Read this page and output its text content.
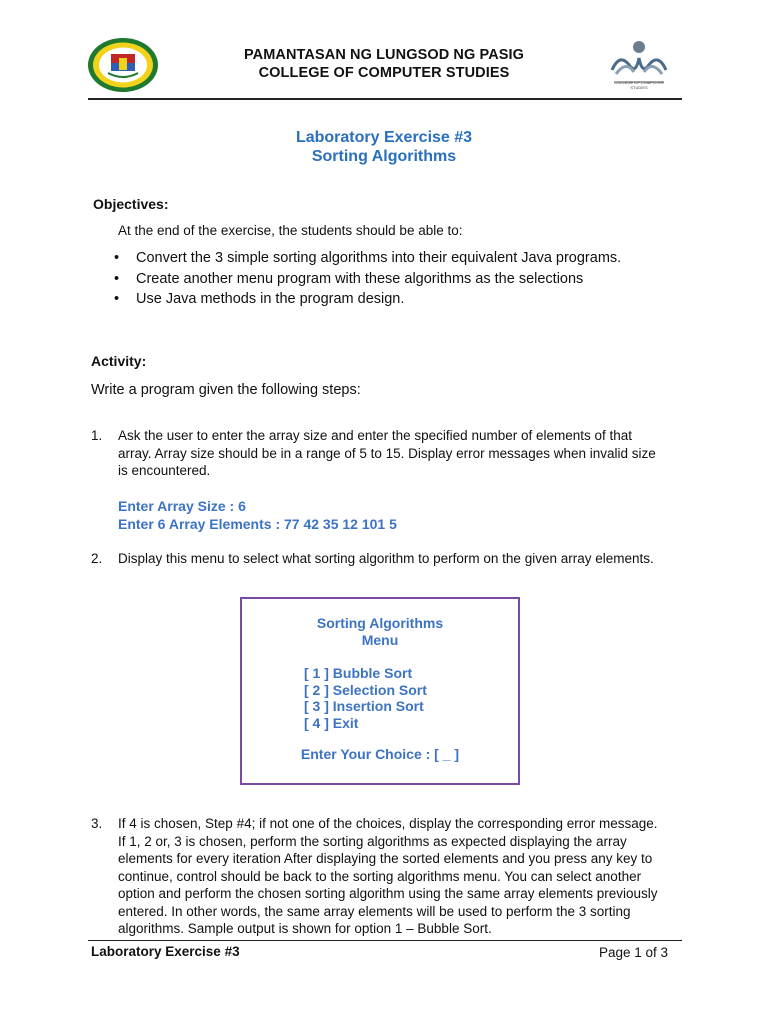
PAMANTASAN NG LUNGSOD NG PASIG
COLLEGE OF COMPUTER STUDIES
COLLEGE OF COMPUTER STUDIES
Laboratory Exercise #3
Sorting Algorithms
Objectives:
At the end of the exercise, the students should be able to:
• Convert the 3 simple sorting algorithms into their equivalent Java programs.
• Create another menu program with these algorithms as the selections
• Use Java methods in the program design.
Activity:
Write a program given the following steps:
1.	Ask the user to enter the array size and enter the specified number of elements of that
array. Array size should be in a range of 5 to 15. Display error messages when invalid size
is encountered.
Enter Array Size : 6
Enter 6 Array Elements : 77 42 35 12 101 5
2.	Display this menu to select what sorting algorithm to perform on the given array elements.
Sorting Algorithms
Menu
[ 1 ] Bubble Sort
[ 2 ] Selection Sort
[ 3 ] Insertion Sort
[ 4 ] Exit
Enter Your Choice : [ _ ]
3.	If 4 is chosen, Step #4; if not one of the choices, display the corresponding error message.
If 1, 2 or, 3 is chosen, perform the sorting algorithms as expected displaying the array
elements for every iteration After displaying the sorted elements and you press any key to
continue, control should be back to the sorting algorithms menu. You can select another
option and perform the chosen sorting algorithm using the same array elements previously
entered. In other words, the same array elements will be used to perform the 3 sorting
algorithms. Sample output is shown for option 1 – Bubble Sort.
Laboratory Exercise #3	Page 1 of 3
